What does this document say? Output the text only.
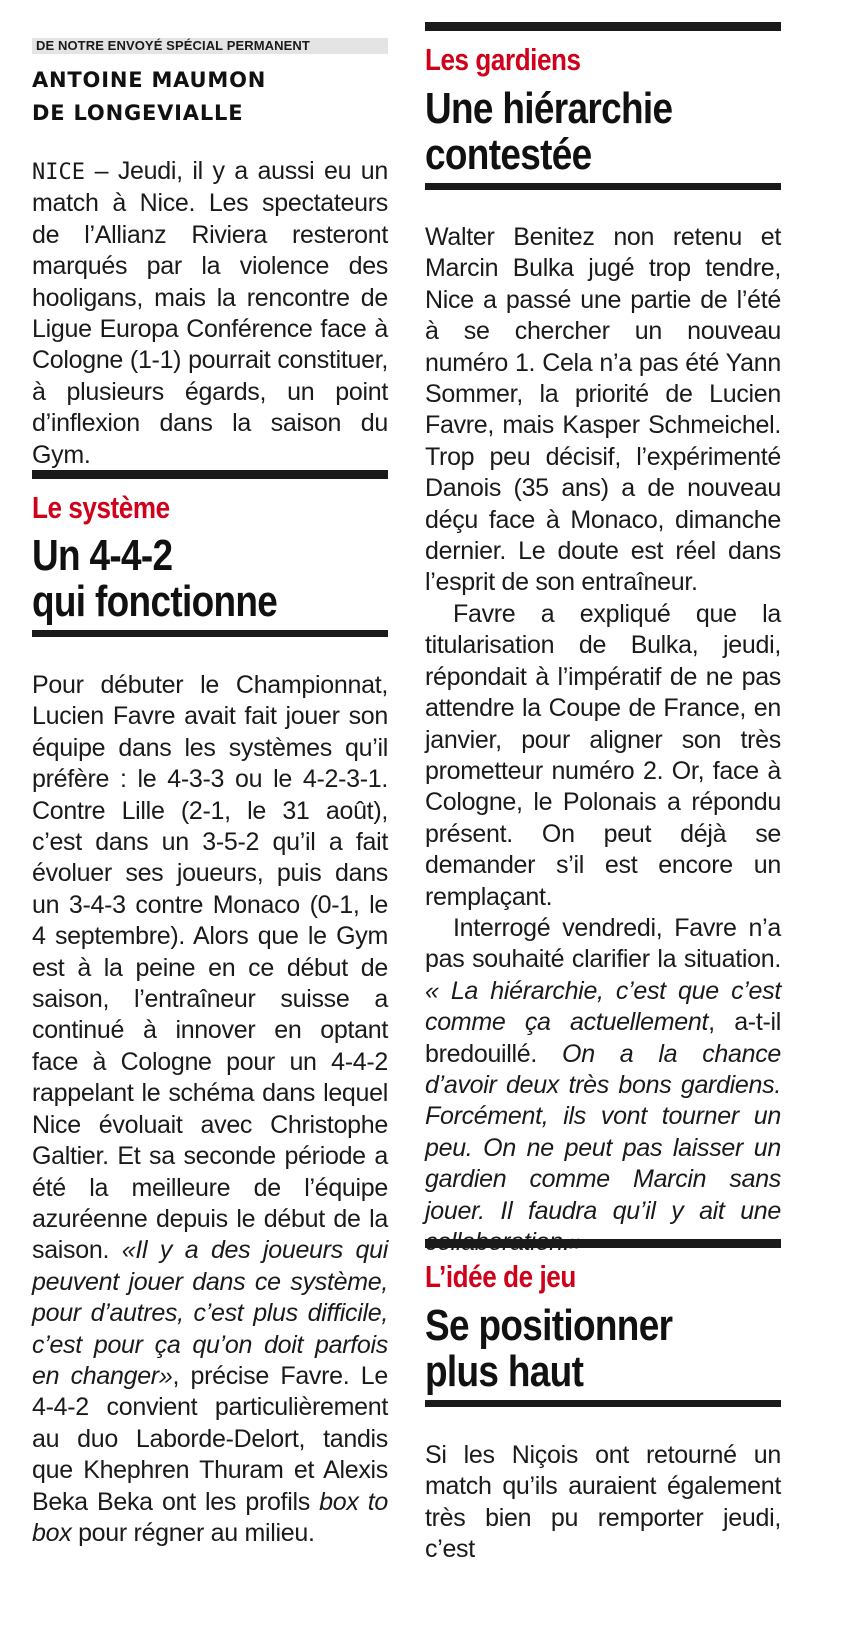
DE NOTRE ENVOYÉ SPÉCIAL PERMANENT
ANTOINE MAUMON
DE LONGEVIALLE

NICE – Jeudi, il y a aussi eu un match à Nice. Les spectateurs de l’Allianz Riviera resteront marqués par la violence des hooligans, mais la rencontre de Ligue Europa Conférence face à Cologne (1-1) pourrait constituer, à plusieurs égards, un point d’inflexion dans la saison du Gym.

Le système
Un 4-4-2
qui fonctionne

Pour débuter le Championnat, Lucien Favre avait fait jouer son équipe dans les systèmes qu’il préfère : le 4-3-3 ou le 4-2-3-1. Contre Lille (2-1, le 31 août), c’est dans un 3-5-2 qu’il a fait évoluer ses joueurs, puis dans un 3-4-3 contre Monaco (0-1, le 4 septembre). Alors que le Gym est à la peine en ce début de saison, l’entraîneur suisse a continué à innover en optant face à Cologne pour un 4-4-2 rappelant le schéma dans lequel Nice évoluait avec Christophe Galtier. Et sa seconde période a été la meilleure de l’équipe azuréenne depuis le début de la saison. «Il y a des joueurs qui peuvent jouer dans ce système, pour d’autres, c’est plus difficile, c’est pour ça qu’on doit parfois en changer», précise Favre. Le 4-4-2 convient particulièrement au duo Laborde-Delort, tandis que Khephren Thuram et Alexis Beka Beka ont les profils box to box pour régner au milieu.

Les gardiens
Une hiérarchie
contestée

Walter Benitez non retenu et Marcin Bulka jugé trop tendre, Nice a passé une partie de l’été à se chercher un nouveau numéro 1. Cela n’a pas été Yann Sommer, la priorité de Lucien Favre, mais Kasper Schmeichel. Trop peu décisif, l’expérimenté Danois (35 ans) a de nouveau déçu face à Monaco, dimanche dernier. Le doute est réel dans l’esprit de son entraîneur.

Favre a expliqué que la titularisation de Bulka, jeudi, répondait à l’impératif de ne pas attendre la Coupe de France, en janvier, pour aligner son très prometteur numéro 2. Or, face à Cologne, le Polonais a répondu présent. On peut déjà se demander s’il est encore un remplaçant.

Interrogé vendredi, Favre n’a pas souhaité clarifier la situation. « La hiérarchie, c’est que c’est comme ça actuellement, a-t-il bredouillé. On a la chance d’avoir deux très bons gardiens. Forcément, ils vont tourner un peu. On ne peut pas laisser un gardien comme Marcin sans jouer. Il faudra qu’il y ait une

L’idée de jeu
Se positionner
plus haut

Si les Niçois ont retourné un match qu’ils auraient également très bien pu remporter jeudi, c’est
